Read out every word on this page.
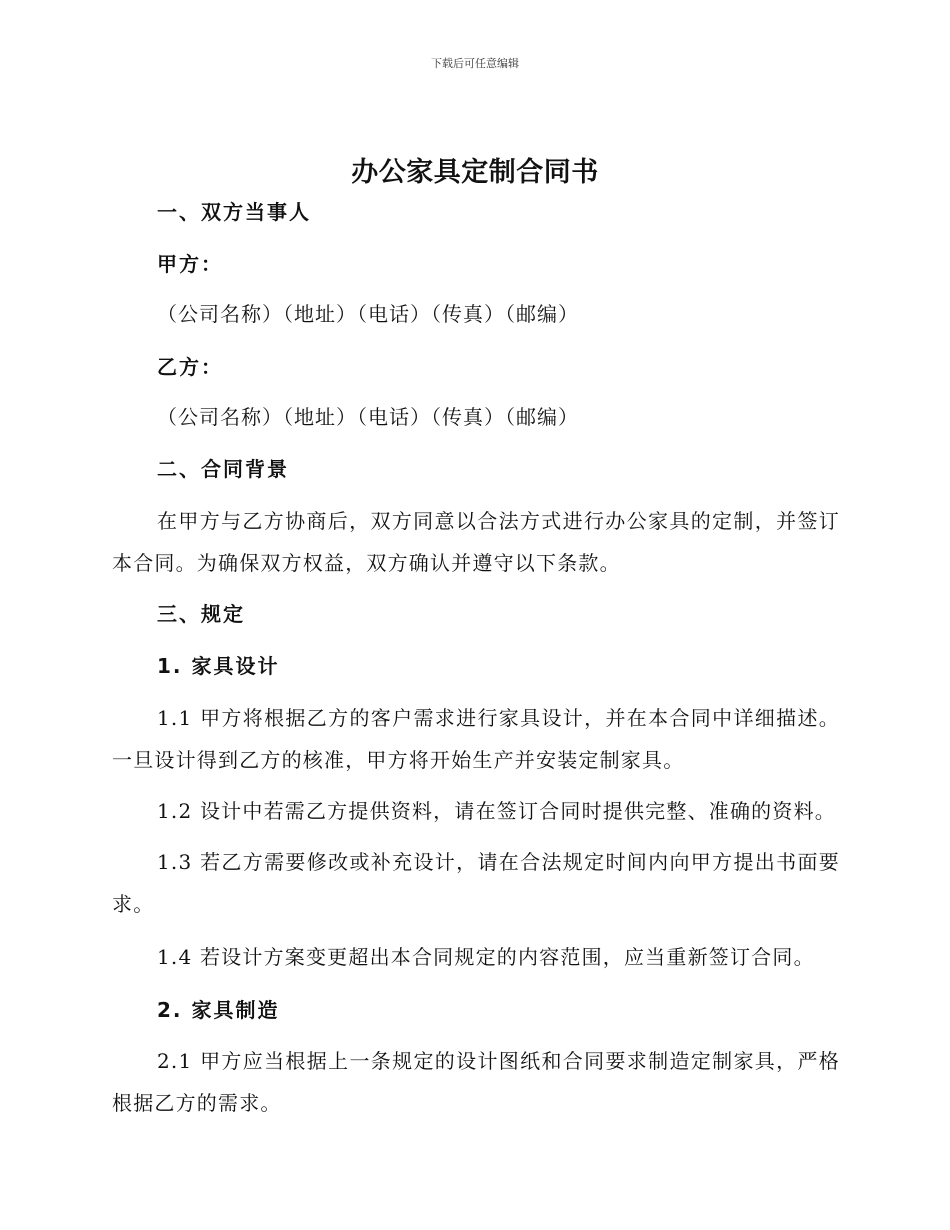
下载后可任意编辑
办公家具定制合同书
一、双方当事人
甲方：
（公司名称）（地址）（电话）（传真）（邮编）
乙方：
（公司名称）（地址）（电话）（传真）（邮编）
二、合同背景
在甲方与乙方协商后，双方同意以合法方式进行办公家具的定制，并签订本合同。为确保双方权益，双方确认并遵守以下条款。
三、规定
1. 家具设计
1.1 甲方将根据乙方的客户需求进行家具设计，并在本合同中详细描述。一旦设计得到乙方的核准，甲方将开始生产并安装定制家具。
1.2 设计中若需乙方提供资料，请在签订合同时提供完整、准确的资料。
1.3 若乙方需要修改或补充设计，请在合法规定时间内向甲方提出书面要求。
1.4 若设计方案变更超出本合同规定的内容范围，应当重新签订合同。
2. 家具制造
2.1 甲方应当根据上一条规定的设计图纸和合同要求制造定制家具，严格根据乙方的需求。
